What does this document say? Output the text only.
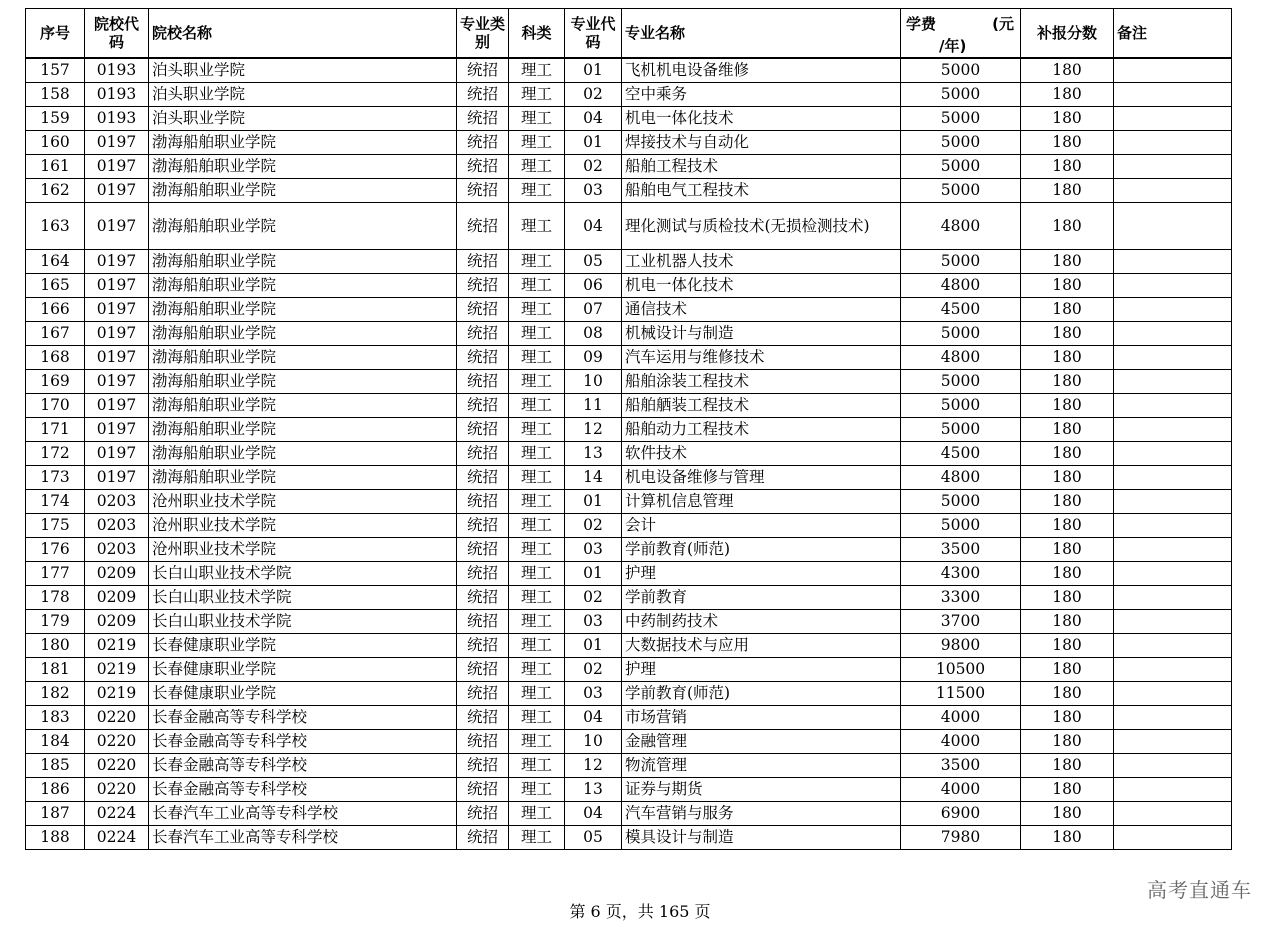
序号	院校代码	院校名称	专业类别	科类	专业代码	专业名称	学费 (元
/年)	补报分数	备注
157	0193	泊头职业学院	统招	理工	01	飞机机电设备维修	5000	180	
158	0193	泊头职业学院	统招	理工	02	空中乘务	5000	180	
159	0193	泊头职业学院	统招	理工	04	机电一体化技术	5000	180	
160	0197	渤海船舶职业学院	统招	理工	01	焊接技术与自动化	5000	180	
161	0197	渤海船舶职业学院	统招	理工	02	船舶工程技术	5000	180	
162	0197	渤海船舶职业学院	统招	理工	03	船舶电气工程技术	5000	180	
163	0197	渤海船舶职业学院	统招	理工	04	理化测试与质检技术(无损检测技术)	4800	180	
164	0197	渤海船舶职业学院	统招	理工	05	工业机器人技术	5000	180	
165	0197	渤海船舶职业学院	统招	理工	06	机电一体化技术	4800	180	
166	0197	渤海船舶职业学院	统招	理工	07	通信技术	4500	180	
167	0197	渤海船舶职业学院	统招	理工	08	机械设计与制造	5000	180	
168	0197	渤海船舶职业学院	统招	理工	09	汽车运用与维修技术	4800	180	
169	0197	渤海船舶职业学院	统招	理工	10	船舶涂装工程技术	5000	180	
170	0197	渤海船舶职业学院	统招	理工	11	船舶舾装工程技术	5000	180	
171	0197	渤海船舶职业学院	统招	理工	12	船舶动力工程技术	5000	180	
172	0197	渤海船舶职业学院	统招	理工	13	软件技术	4500	180	
173	0197	渤海船舶职业学院	统招	理工	14	机电设备维修与管理	4800	180	
174	0203	沧州职业技术学院	统招	理工	01	计算机信息管理	5000	180	
175	0203	沧州职业技术学院	统招	理工	02	会计	5000	180	
176	0203	沧州职业技术学院	统招	理工	03	学前教育(师范)	3500	180	
177	0209	长白山职业技术学院	统招	理工	01	护理	4300	180	
178	0209	长白山职业技术学院	统招	理工	02	学前教育	3300	180	
179	0209	长白山职业技术学院	统招	理工	03	中药制药技术	3700	180	
180	0219	长春健康职业学院	统招	理工	01	大数据技术与应用	9800	180	
181	0219	长春健康职业学院	统招	理工	02	护理	10500	180	
182	0219	长春健康职业学院	统招	理工	03	学前教育(师范)	11500	180	
183	0220	长春金融高等专科学校	统招	理工	04	市场营销	4000	180	
184	0220	长春金融高等专科学校	统招	理工	10	金融管理	4000	180	
185	0220	长春金融高等专科学校	统招	理工	12	物流管理	3500	180	
186	0220	长春金融高等专科学校	统招	理工	13	证券与期货	4000	180	
187	0224	长春汽车工业高等专科学校	统招	理工	04	汽车营销与服务	6900	180	
188	0224	长春汽车工业高等专科学校	统招	理工	05	模具设计与制造	7980	180	
第 6 页，共 165 页
高考直通车
